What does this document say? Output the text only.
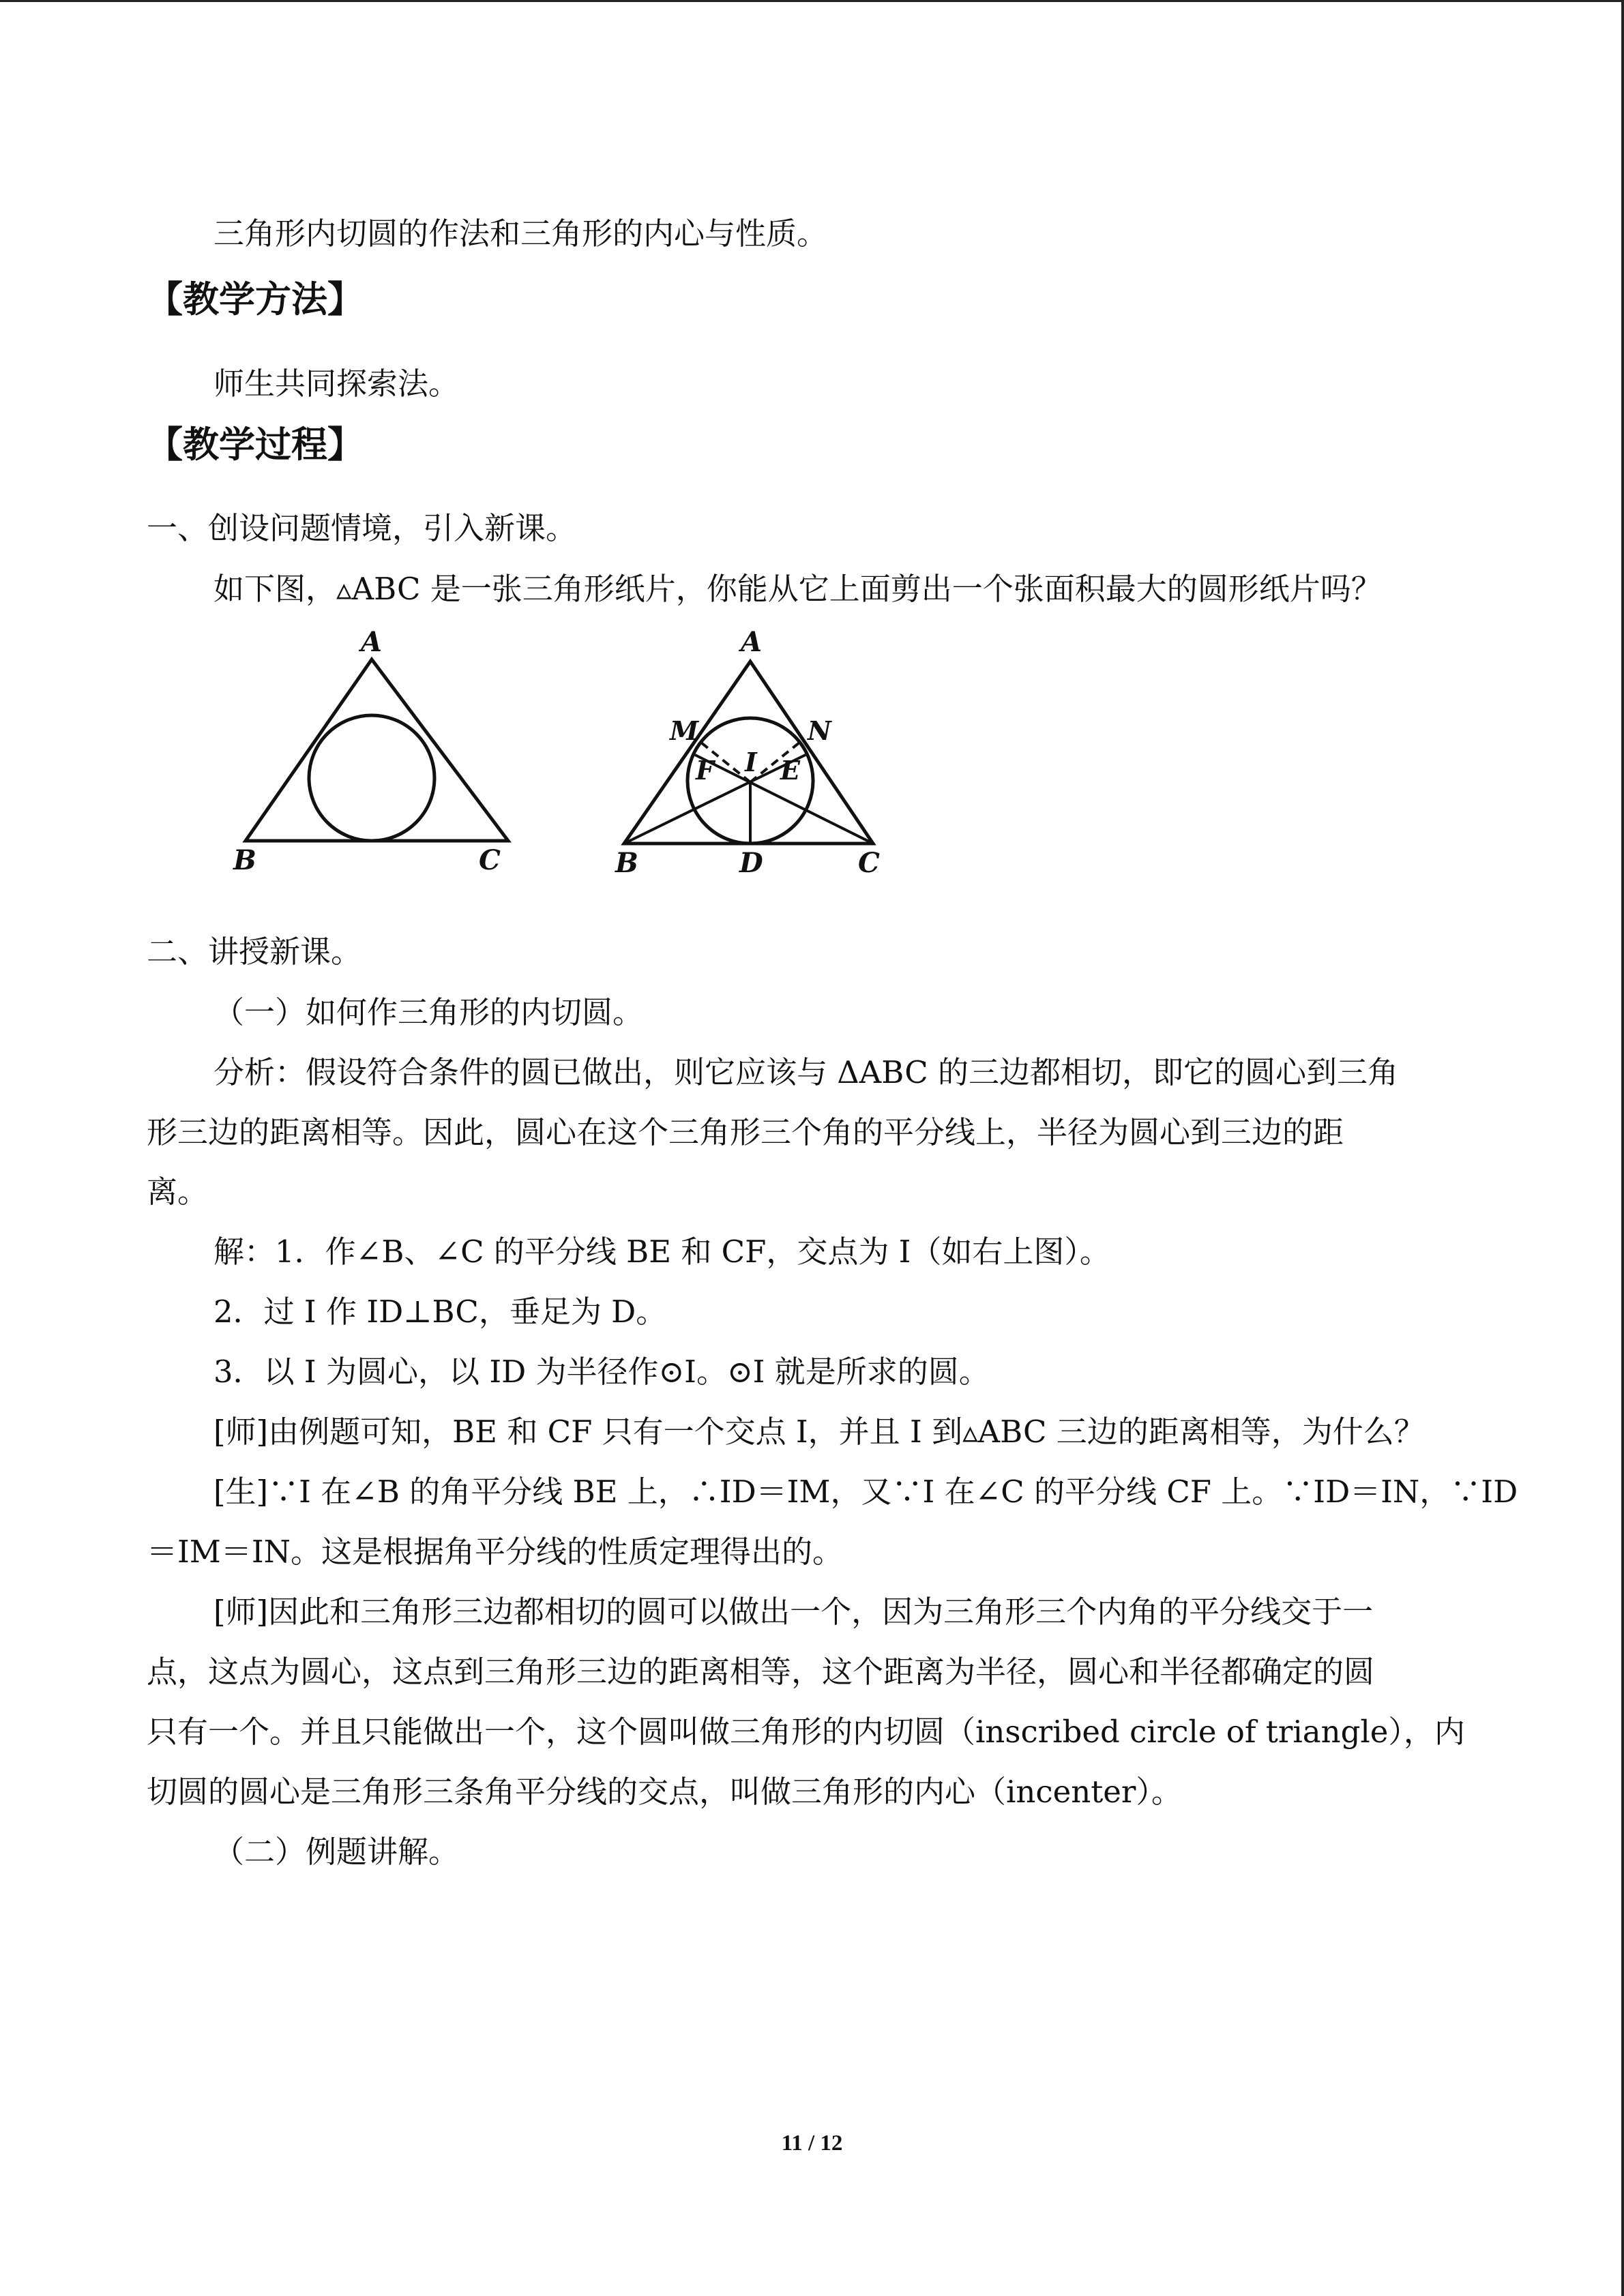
三角形内切圆的作法和三角形的内心与性质。
【教学方法】
师生共同探索法。
【教学过程】
一、创设问题情境，引入新课。
如下图，▵ABC 是一张三角形纸片，你能从它上面剪出一个张面积最大的圆形纸片吗？
A
B	C
A
M	N
F I E
B	D	C
二、讲授新课。
（一）如何作三角形的内切圆。
分析：假设符合条件的圆已做出，则它应该与 ΔABC 的三边都相切，即它的圆心到三角
形三边的距离相等。因此，圆心在这个三角形三个角的平分线上，半径为圆心到三边的距
离。
解：1．作∠B、∠C 的平分线 BE 和 CF，交点为 I（如右上图）。
2．过 I 作 ID⊥BC，垂足为 D。
3．以 I 为圆心，以 ID 为半径作⊙I。⊙I 就是所求的圆。
[师]由例题可知，BE 和 CF 只有一个交点 I，并且 I 到▵ABC 三边的距离相等，为什么？
[生]∵I 在∠B 的角平分线 BE 上，∴ID＝IM，又∵I 在∠C 的平分线 CF 上。∵ID＝IN，∵ID
＝IM＝IN。这是根据角平分线的性质定理得出的。
[师]因此和三角形三边都相切的圆可以做出一个，因为三角形三个内角的平分线交于一
点，这点为圆心，这点到三角形三边的距离相等，这个距离为半径，圆心和半径都确定的圆
只有一个。并且只能做出一个，这个圆叫做三角形的内切圆（inscribed circle of triangle），内
切圆的圆心是三角形三条角平分线的交点，叫做三角形的内心（incenter）。
（二）例题讲解。
11 / 12
